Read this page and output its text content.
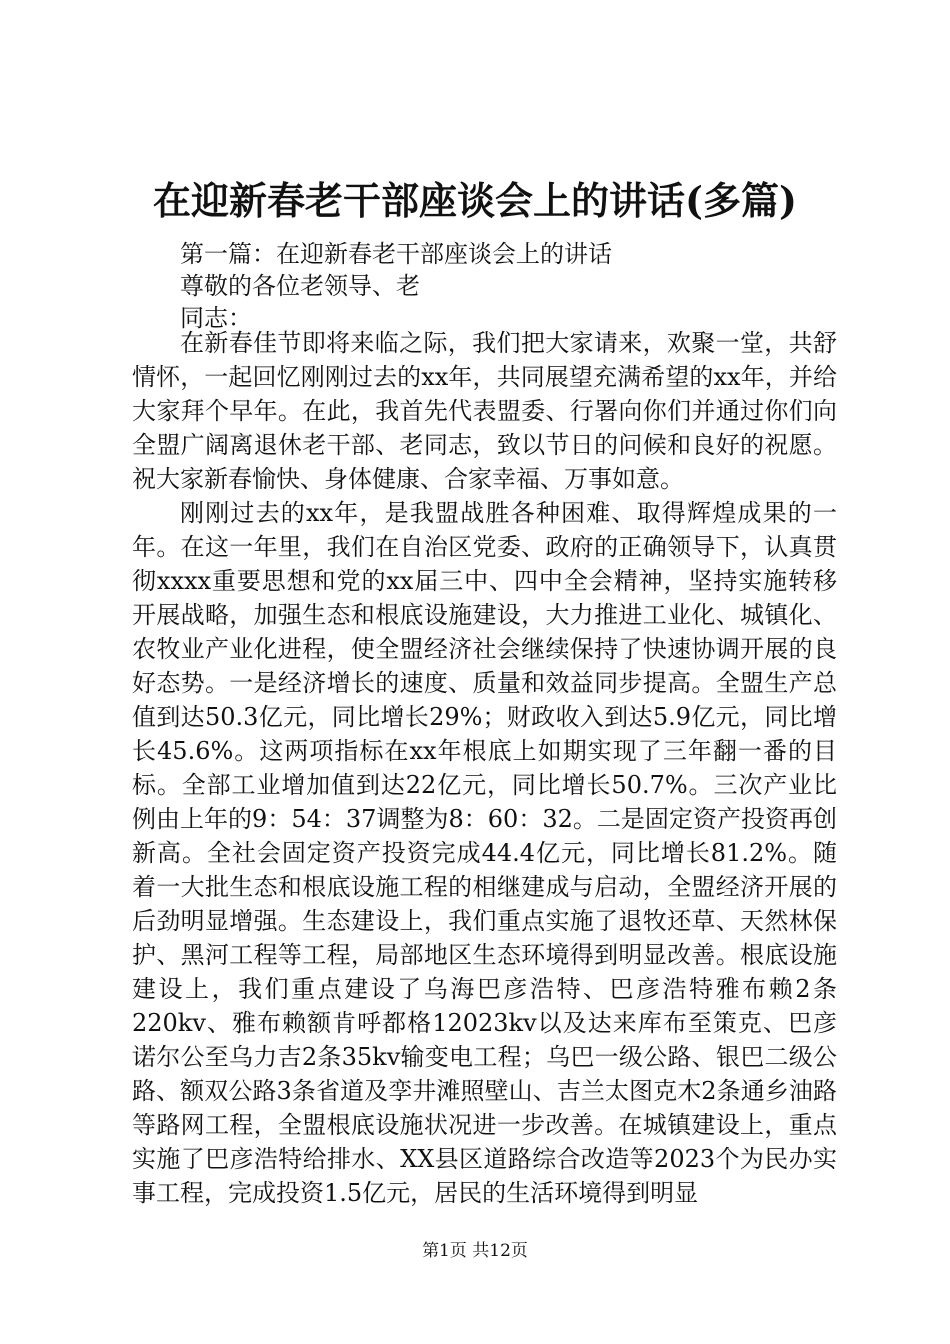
在迎新春老干部座谈会上的讲话(多篇)
第一篇：在迎新春老干部座谈会上的讲话
尊敬的各位老领导、老
同志：

在新春佳节即将来临之际，我们把大家请来，欢聚一堂，共舒情怀，一起回忆刚刚过去的xx年，共同展望充满希望的xx年，并给大家拜个早年。在此，我首先代表盟委、行署向你们并通过你们向全盟广阔离退休老干部、老同志，致以节日的问候和良好的祝愿。祝大家新春愉快、身体健康、合家幸福、万事如意。

刚刚过去的xx年，是我盟战胜各种困难、取得辉煌成果的一年。在这一年里，我们在自治区党委、政府的正确领导下，认真贯彻xxxx重要思想和党的xx届三中、四中全会精神，坚持实施转移开展战略，加强生态和根底设施建设，大力推进工业化、城镇化、农牧业产业化进程，使全盟经济社会继续保持了快速协调开展的良好态势。一是经济增长的速度、质量和效益同步提高。全盟生产总值到达50.3亿元，同比增长29%；财政收入到达5.9亿元，同比增长45.6%。这两项指标在xx年根底上如期实现了三年翻一番的目标。全部工业增加值到达22亿元，同比增长50.7%。三次产业比例由上年的9：54：37调整为8：60：32。二是固定资产投资再创新高。全社会固定资产投资完成44.4亿元，同比增长81.2%。随着一大批生态和根底设施工程的相继建成与启动，全盟经济开展的后劲明显增强。生态建设上，我们重点实施了退牧还草、天然林保护、黑河工程等工程，局部地区生态环境得到明显改善。根底设施建设上，我们重点建设了乌海巴彦浩特、巴彦浩特雅布赖2条220kv、雅布赖额肯呼都格12023kv以及达来库布至策克、巴彦诺尔公至乌力吉2条35kv输变电工程；乌巴一级公路、银巴二级公路、额双公路3条省道及孪井滩照壁山、吉兰太图克木2条通乡油路等路网工程，全盟根底设施状况进一步改善。在城镇建设上，重点实施了巴彦浩特给排水、XX县区道路综合改造等2023个为民办实事工程，完成投资1.5亿元，居民的生活环境得到明显

第1页 共12页
